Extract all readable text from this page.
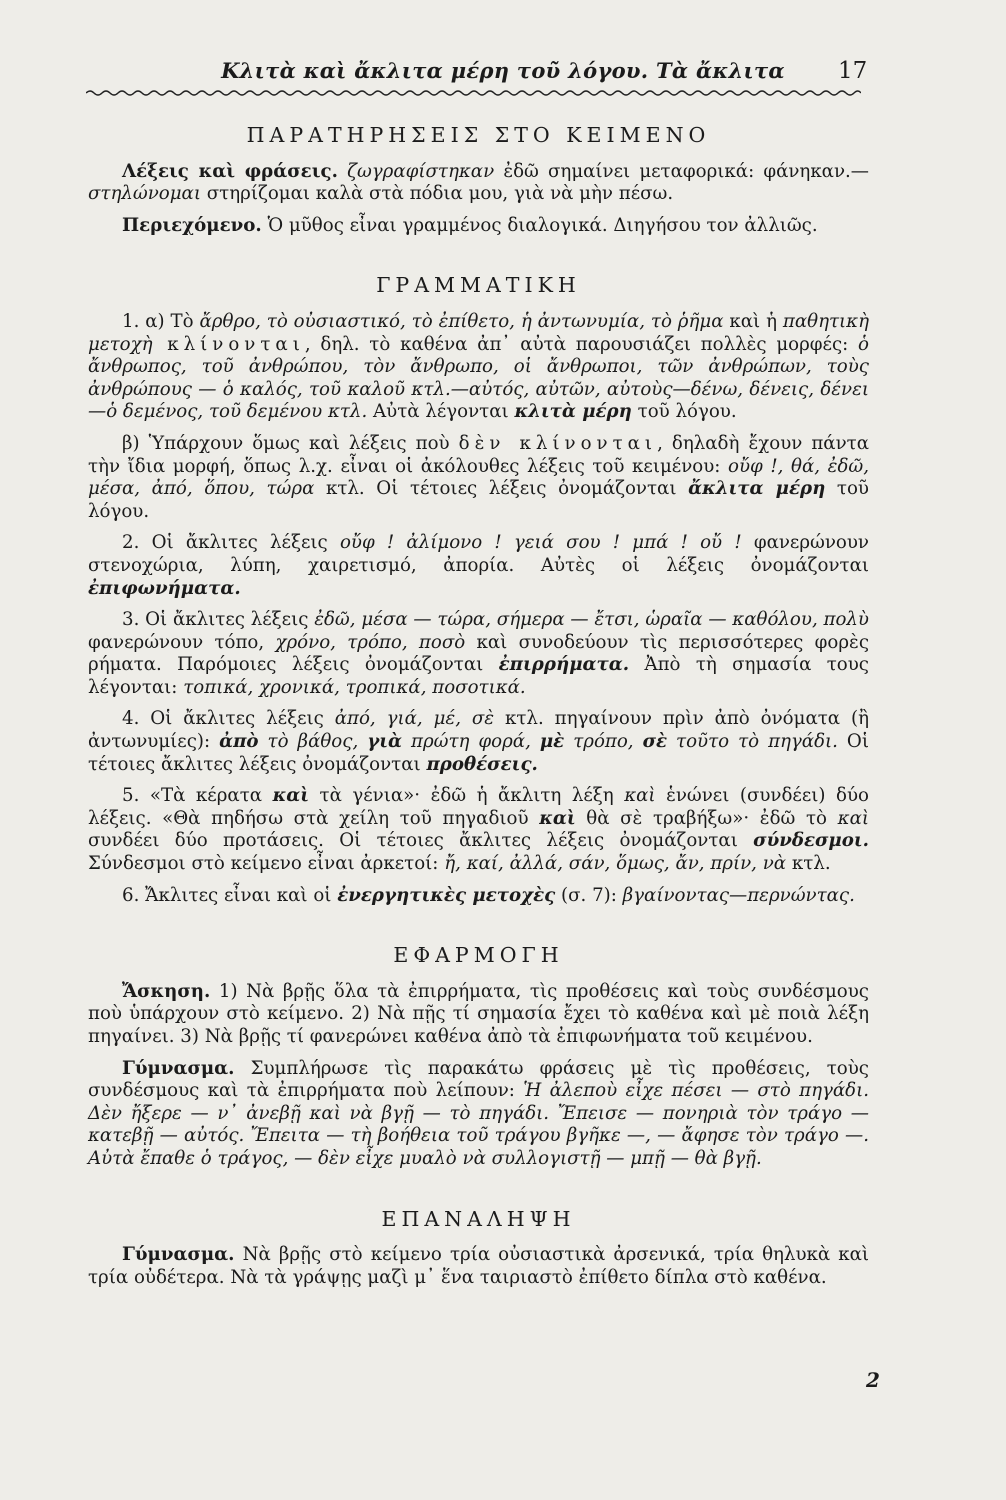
Κλιτὰ καὶ ἄκλιτα μέρη τοῦ λόγου. Τὰ ἄκλιτα	17
ΠΑΡΑΤΗΡΗΣΕΙΣ ΣΤΟ ΚΕΙΜΕΝΟ

Λέξεις καὶ φράσεις. ζωγραφίστηκαν ἐδῶ σημαίνει μεταφορικά: φάνηκαν.—στηλώνομαι στηρίζομαι καλὰ στὰ πόδια μου, γιὰ νὰ μὴν πέσω.

Περιεχόμενο. Ὁ μῦθος εἶναι γραμμένος διαλογικά. Διηγήσου τον ἀλλιῶς.

ΓΡΑΜΜΑΤΙΚΗ

1. α) Τὸ ἄρθρο, τὸ οὐσιαστικό, τὸ ἐπίθετο, ἡ ἀντωνυμία, τὸ ῥῆμα καὶ ἡ παθητικὴ μετοχὴ κλίνονται, δηλ. τὸ καθένα ἀπ᾽ αὐτὰ παρουσιάζει πολλὲς μορφές: ὁ ἄνθρωπος, τοῦ ἀνθρώπου, τὸν ἄνθρωπο, οἱ ἄνθρωποι, τῶν ἀνθρώπων, τοὺς ἀνθρώπους — ὁ καλός, τοῦ καλοῦ κτλ.—αὐτός, αὐτῶν, αὐτοὺς—δένω, δένεις, δένει—ὁ δεμένος, τοῦ δεμένου κτλ. Αὐτὰ λέγονται κλιτὰ μέρη τοῦ λόγου.

β) Ὑπάρχουν ὅμως καὶ λέξεις ποὺ δὲν κλίνονται, δηλαδὴ ἔχουν πάντα τὴν ἴδια μορφή, ὅπως λ.χ. εἶναι οἱ ἀκόλουθες λέξεις τοῦ κειμένου: οὔφ !, θά, ἐδῶ, μέσα, ἀπό, ὅπου, τώρα κτλ. Οἱ τέτοιες λέξεις ὀνομάζονται ἄκλιτα μέρη τοῦ λόγου.

2. Οἱ ἄκλιτες λέξεις οὔφ ! ἀλίμονο ! γειά σου ! μπά ! οὔ ! φανερώνουν στενοχώρια, λύπη, χαιρετισμό, ἀπορία. Αὐτὲς οἱ λέξεις ὀνομάζονται ἐπιφωνήματα.

3. Οἱ ἄκλιτες λέξεις ἐδῶ, μέσα — τώρα, σήμερα — ἔτσι, ὡραῖα — καθόλου, πολὺ φανερώνουν τόπο, χρόνο, τρόπο, ποσὸ καὶ συνοδεύουν τὶς περισσότερες φορὲς ρήματα. Παρόμοιες λέξεις ὀνομάζονται ἐπιρρήματα. Ἀπὸ τὴ σημασία τους λέγονται: τοπικά, χρονικά, τροπικά, ποσοτικά.

4. Οἱ ἄκλιτες λέξεις ἀπό, γιά, μέ, σὲ κτλ. πηγαίνουν πρὶν ἀπὸ ὀνόματα (ἢ ἀντωνυμίες): ἀπὸ τὸ βάθος, γιὰ πρώτη φορά, μὲ τρόπο, σὲ τοῦτο τὸ πηγάδι. Οἱ τέτοιες ἄκλιτες λέξεις ὀνομάζονται προθέσεις.

5. «Τὰ κέρατα καὶ τὰ γένια»· ἐδῶ ἡ ἄκλιτη λέξη καὶ ἑνώνει (συνδέει) δύο λέξεις. «Θὰ πηδήσω στὰ χείλη τοῦ πηγαδιοῦ καὶ θὰ σὲ τραβήξω»· ἐδῶ τὸ καὶ συνδέει δύο προτάσεις. Οἱ τέτοιες ἄκλιτες λέξεις ὀνομάζονται σύνδεσμοι. Σύνδεσμοι στὸ κείμενο εἶναι ἀρκετοί: ἤ, καί, ἀλλά, σάν, ὅμως, ἄν, πρίν, νὰ κτλ.

6. Ἄκλιτες εἶναι καὶ οἱ ἐνεργητικὲς μετοχὲς (σ. 7): βγαίνοντας—περνώντας.

ΕΦΑΡΜΟΓΗ

Ἄσκηση. 1) Νὰ βρῇς ὅλα τὰ ἐπιρρήματα, τὶς προθέσεις καὶ τοὺς συνδέσμους ποὺ ὑπάρχουν στὸ κείμενο. 2) Νὰ πῇς τί σημασία ἔχει τὸ καθένα καὶ μὲ ποιὰ λέξη πηγαίνει. 3) Νὰ βρῇς τί φανερώνει καθένα ἀπὸ τὰ ἐπιφωνήματα τοῦ κειμένου.

Γύμνασμα. Συμπλήρωσε τὶς παρακάτω φράσεις μὲ τὶς προθέσεις, τοὺς συνδέσμους καὶ τὰ ἐπιρρήματα ποὺ λείπουν: Ἡ ἀλεποὺ εἶχε πέσει — στὸ πηγάδι. Δὲν ἤξερε — ν᾽ ἀνεβῇ καὶ νὰ βγῇ — τὸ πηγάδι. Ἔπεισε — πονηριὰ τὸν τράγο — κατεβῇ — αὐτός. Ἔπειτα — τὴ βοήθεια τοῦ τράγου βγῆκε —, — ἄφησε τὸν τράγο —. Αὐτὰ ἔπαθε ὁ τράγος, — δὲν εἶχε μυαλὸ νὰ συλλογιστῇ — μπῇ — θὰ βγῇ.

ΕΠΑΝΑΛΗΨΗ

Γύμνασμα. Νὰ βρῇς στὸ κείμενο τρία οὐσιαστικὰ ἀρσενικά, τρία θηλυκὰ καὶ τρία οὐδέτερα. Νὰ τὰ γράψῃς μαζὶ μ᾽ ἕνα ταιριαστὸ ἐπίθετο δίπλα στὸ καθένα.

2
